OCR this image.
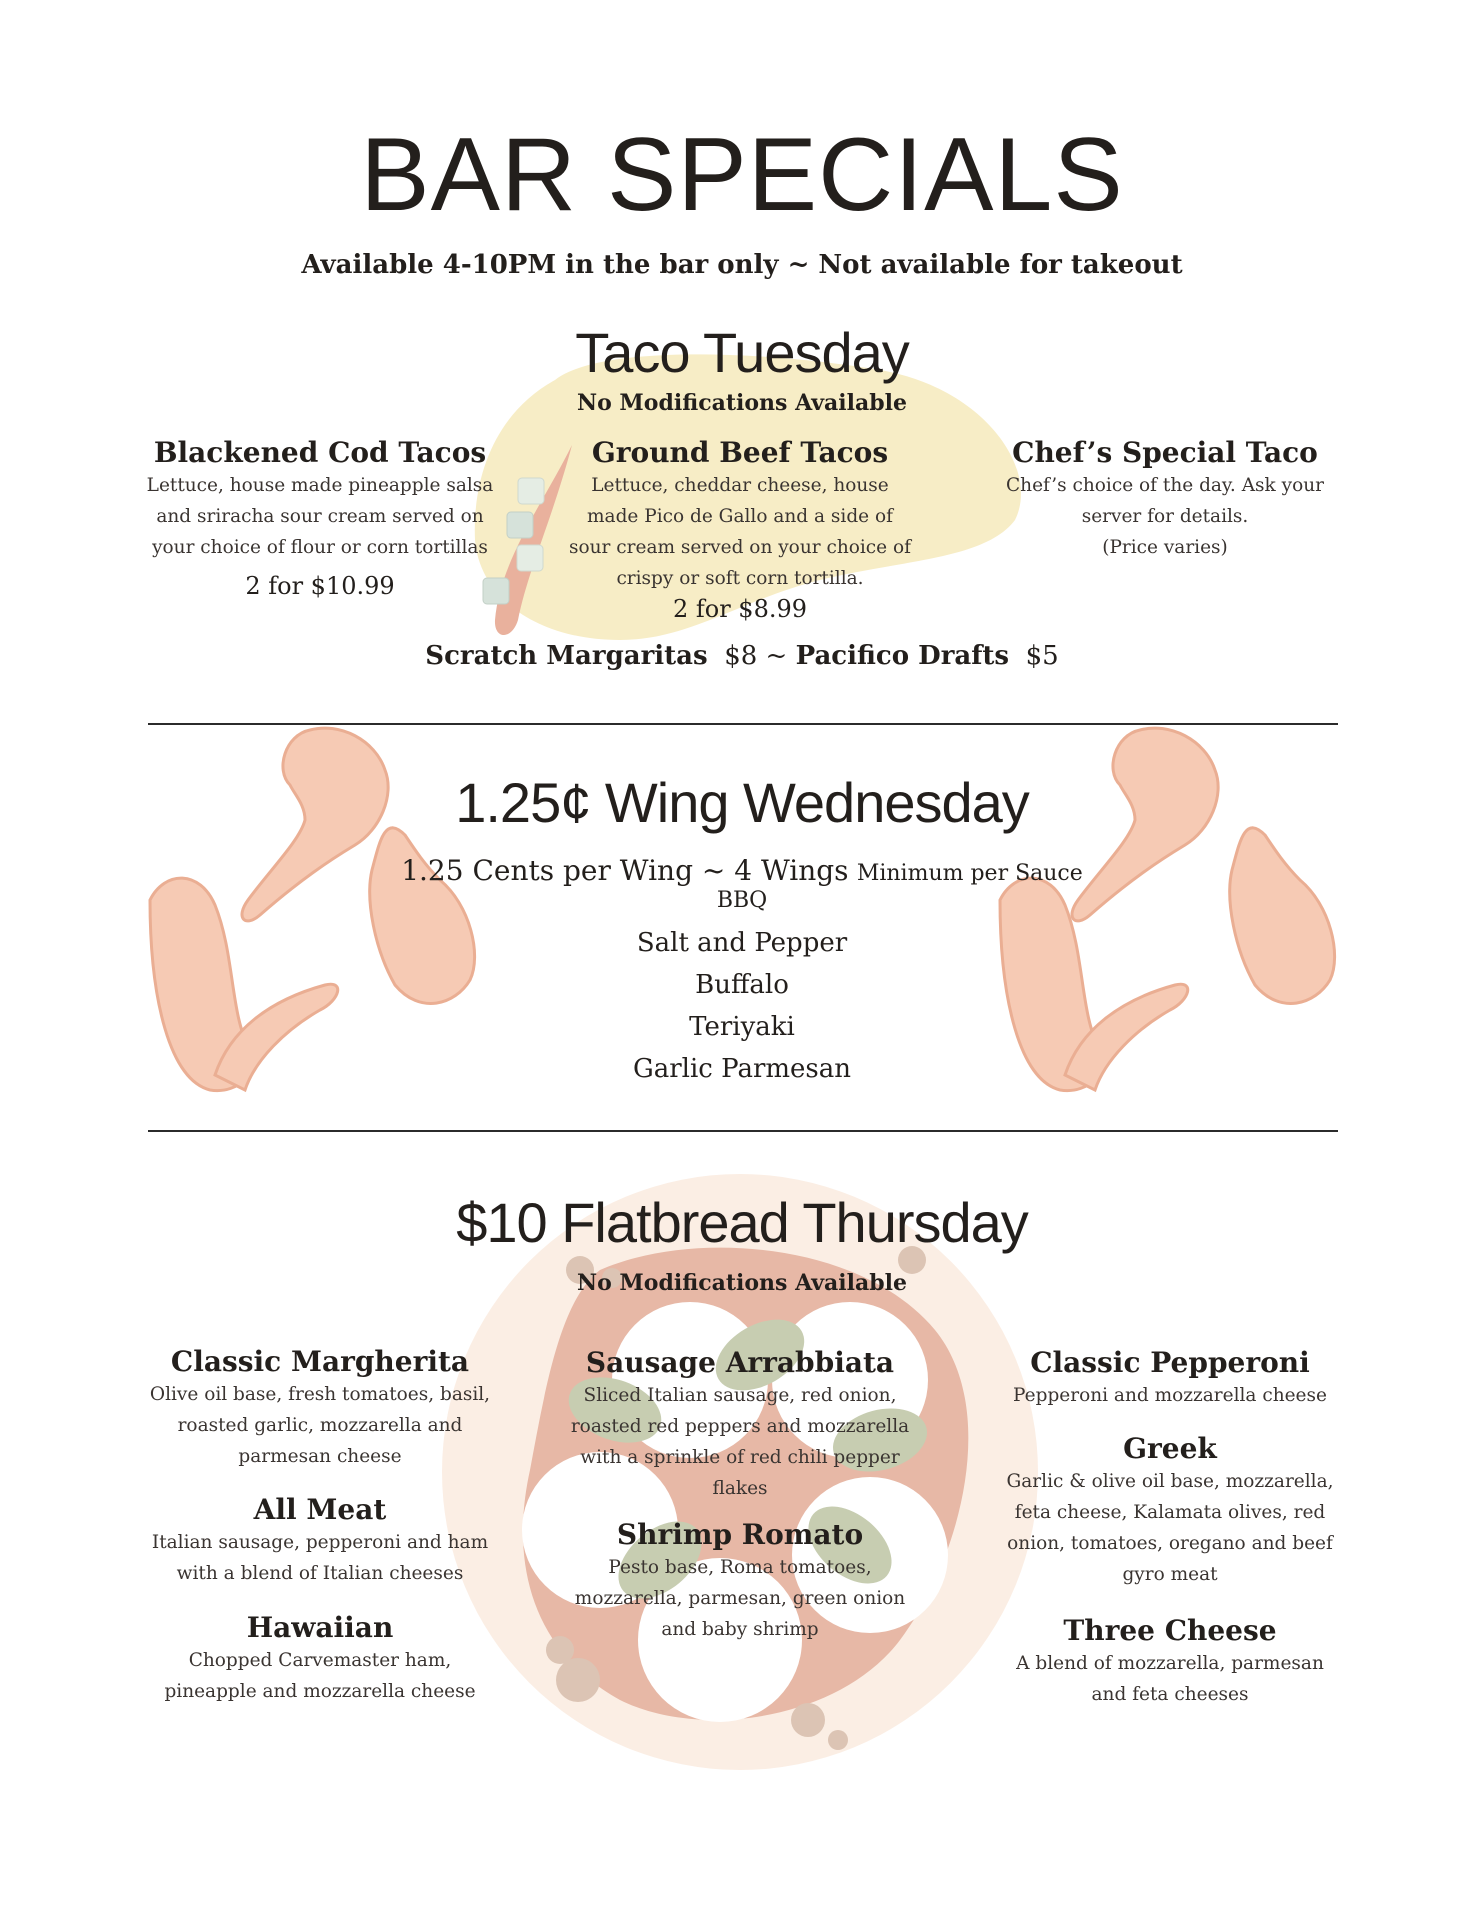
BAR SPECIALS
Available 4-10PM in the bar only ~ Not available for takeout
Taco Tuesday
No Modifications Available
Blackened Cod Tacos
Lettuce, house made pineapple salsa
and sriracha sour cream served on
your choice of flour or corn tortillas
2 for $10.99
Ground Beef Tacos
Lettuce, cheddar cheese, house
made Pico de Gallo and a side of
sour cream served on your choice of
crispy or soft corn tortilla.
2 for $8.99
Chef’s Special Taco
Chef’s choice of the day. Ask your
server for details.
(Price varies)
Scratch Margaritas $8 ~ Pacifico Drafts $5
1.25¢ Wing Wednesday
1.25 Cents per Wing ~ 4 Wings Minimum per Sauce
BBQ
Salt and Pepper
Buffalo
Teriyaki
Garlic Parmesan
$10 Flatbread Thursday
No Modifications Available
Classic Margherita
Olive oil base, fresh tomatoes, basil,
roasted garlic, mozzarella and
parmesan cheese
All Meat
Italian sausage, pepperoni and ham
with a blend of Italian cheeses
Hawaiian
Chopped Carvemaster ham,
pineapple and mozzarella cheese
Sausage Arrabbiata
Sliced Italian sausage, red onion,
roasted red peppers and mozzarella
with a sprinkle of red chili pepper
flakes
Shrimp Romato
Pesto base, Roma tomatoes,
mozzarella, parmesan, green onion
and baby shrimp
Classic Pepperoni
Pepperoni and mozzarella cheese
Greek
Garlic & olive oil base, mozzarella,
feta cheese, Kalamata olives, red
onion, tomatoes, oregano and beef
gyro meat
Three Cheese
A blend of mozzarella, parmesan
and feta cheeses
